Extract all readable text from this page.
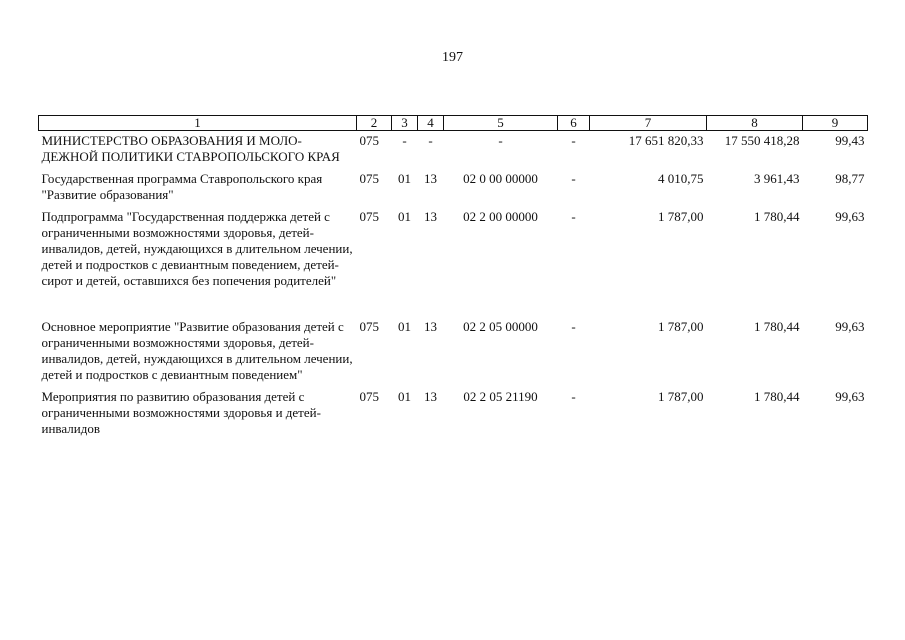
197
1	2	3	4	5	6	7	8	9
МИНИСТЕРСТВО ОБРАЗОВАНИЯ И МОЛО-ДЕЖНОЙ ПОЛИТИКИ СТАВРОПОЛЬСКОГО КРАЯ	075	-	-	-	-	17 651 820,33	17 550 418,28	99,43
Государственная программа Ставропольского края "Развитие образования"	075	01	13	02 0 00 00000	-	4 010,75	3 961,43	98,77
Подпрограмма "Государственная поддержка детей с ограниченными возможностями здоровья, детей-инвалидов, детей, нуждающихся в длительном лечении, детей и подростков с девиантным поведением, детей-сирот и детей, оставшихся без попечения родителей"	075	01	13	02 2 00 00000	-	1 787,00	1 780,44	99,63

Основное мероприятие "Развитие образования детей с ограниченными возможностями здоровья, детей-инвалидов, детей, нуждающихся в длительном лечении, детей и подростков с девиантным поведением"	075	01	13	02 2 05 00000	-	1 787,00	1 780,44	99,63
Мероприятия по развитию образования детей с ограниченными возможностями здоровья и детей-инвалидов	075	01	13	02 2 05 21190	-	1 787,00	1 780,44	99,63
